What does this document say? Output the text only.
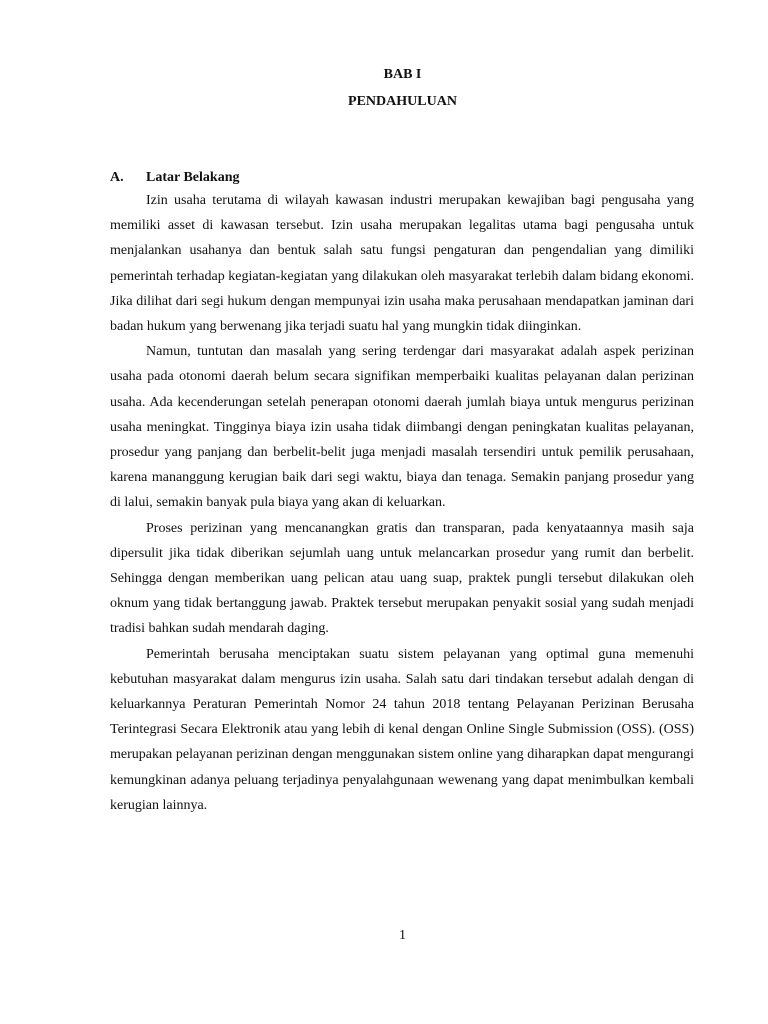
BAB I
PENDAHULUAN
A. Latar Belakang

Izin usaha terutama di wilayah kawasan industri merupakan kewajiban bagi pengusaha yang memiliki asset di kawasan tersebut. Izin usaha merupakan legalitas utama bagi pengusaha untuk menjalankan usahanya dan bentuk salah satu fungsi pengaturan dan pengendalian yang dimiliki pemerintah terhadap kegiatan-kegiatan yang dilakukan oleh masyarakat terlebih dalam bidang ekonomi. Jika dilihat dari segi hukum dengan mempunyai izin usaha maka perusahaan mendapatkan jaminan dari badan hukum yang berwenang jika terjadi suatu hal yang mungkin tidak diinginkan.

Namun, tuntutan dan masalah yang sering terdengar dari masyarakat adalah aspek perizinan usaha pada otonomi daerah belum secara signifikan memperbaiki kualitas pelayanan dalan perizinan usaha. Ada kecenderungan setelah penerapan otonomi daerah jumlah biaya untuk mengurus perizinan usaha meningkat. Tingginya biaya izin usaha tidak diimbangi dengan peningkatan kualitas pelayanan, prosedur yang panjang dan berbelit-belit juga menjadi masalah tersendiri untuk pemilik perusahaan, karena mananggung kerugian baik dari segi waktu, biaya dan tenaga. Semakin panjang prosedur yang di lalui, semakin banyak pula biaya yang akan di keluarkan.

Proses perizinan yang mencanangkan gratis dan transparan, pada kenyataannya masih saja dipersulit jika tidak diberikan sejumlah uang untuk melancarkan prosedur yang rumit dan berbelit. Sehingga dengan memberikan uang pelican atau uang suap, praktek pungli tersebut dilakukan oleh oknum yang tidak bertanggung jawab. Praktek tersebut merupakan penyakit sosial yang sudah menjadi tradisi bahkan sudah mendarah daging.

Pemerintah berusaha menciptakan suatu sistem pelayanan yang optimal guna memenuhi kebutuhan masyarakat dalam mengurus izin usaha. Salah satu dari tindakan tersebut adalah dengan di keluarkannya Peraturan Pemerintah Nomor 24 tahun 2018 tentang Pelayanan Perizinan Berusaha Terintegrasi Secara Elektronik atau yang lebih di kenal dengan Online Single Submission (OSS). (OSS) merupakan pelayanan perizinan dengan menggunakan sistem online yang diharapkan dapat mengurangi kemungkinan adanya peluang terjadinya penyalahgunaan wewenang yang dapat menimbulkan kembali kerugian lainnya.

1
